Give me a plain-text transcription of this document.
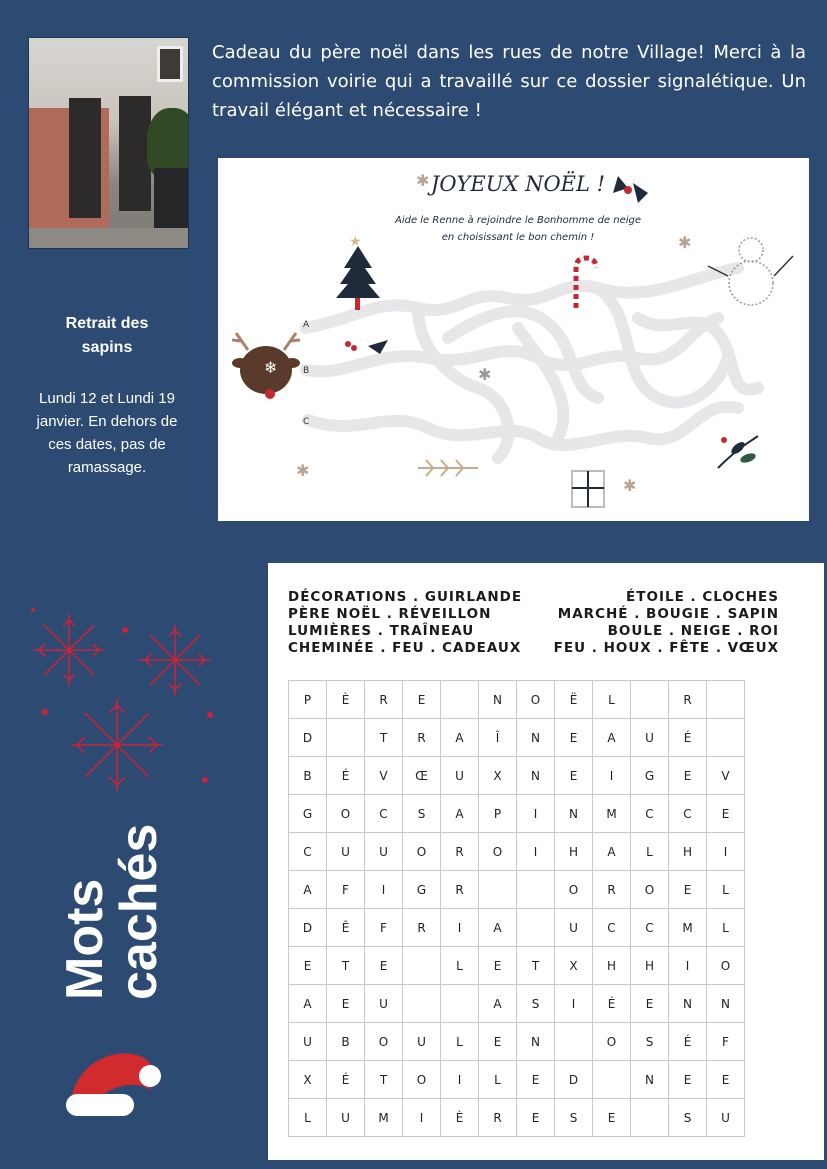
Cadeau du père noël dans les rues de notre Village! Merci à la commission voirie qui a travaillé sur ce dossier signalétique. Un travail élégant et nécessaire !
Retrait des sapins
Lundi 12 et Lundi 19 janvier. En dehors de ces dates, pas de ramassage.
❄
★
✱
✱
✱
✱
✱
JOYEUX NOËL !
Aide le Renne à rejoindre le Bonhomme de neige
en choisissant le bon chemin !
A
B
C
Mots
cachés
DÉCORATIONS . GUIRLANDE
PÈRE NOËL . RÉVEILLON
LUMIÈRES . TRAÎNEAU
CHEMINÉE . FEU . CADEAUX
ÉTOILE . CLOCHES
MARCHÉ . BOUGIE . SAPIN
BOULE . NEIGE . ROI
FEU . HOUX . FÊTE . VŒUX
P	È	R	E		N	O	Ë	L		R	
D		T	R	A	Î	N	E	A	U	É	
B	É	V	Œ	U	X	N	E	I	G	E	V
G	O	C	S	A	P	I	N	M	C	C	E
C	U	U	O	R	O	I	H	A	L	H	I
A	F	I	G	R			O	R	O	E	L
D	Ê	F	R	I	A		U	C	C	M	L
E	T	E		L	E	T	X	H	H	I	O
A	E	U			A	S	I	É	E	N	N
U	B	O	U	L	E	N		O	S	É	F
X	É	T	O	I	L	E	D		N	E	E
L	U	M	I	È	R	E	S	E		S	U
